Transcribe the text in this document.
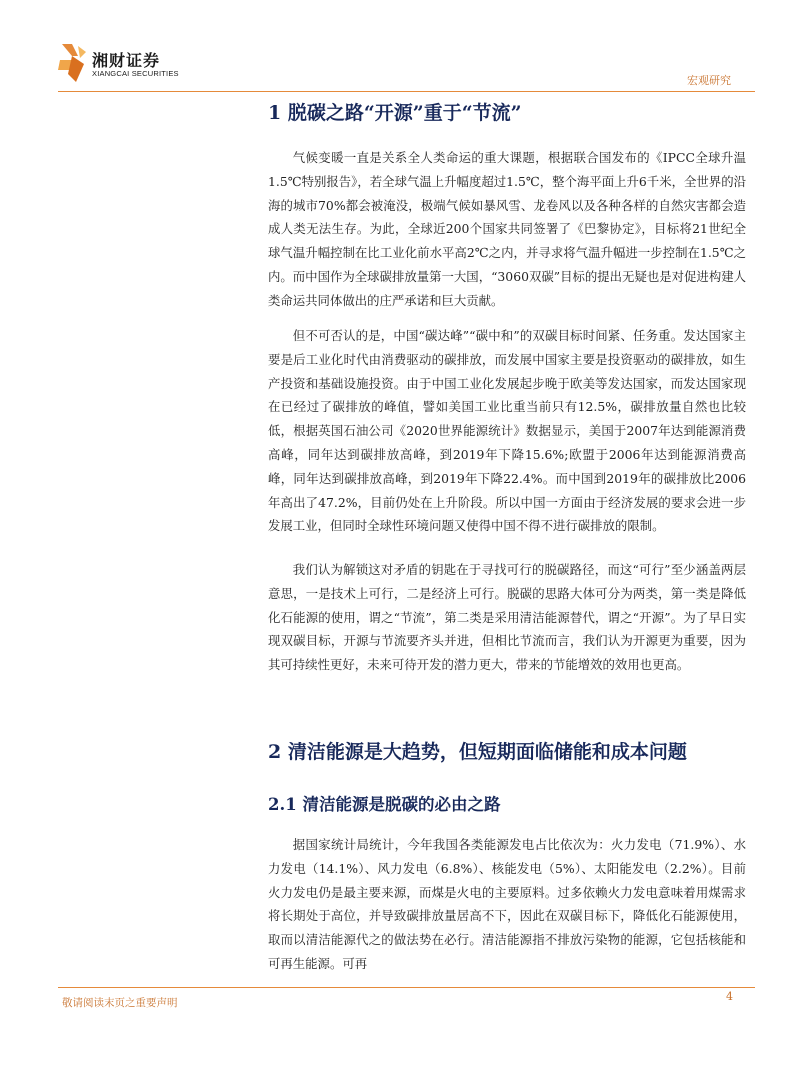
湘财证券
XIANGCAI SECURITIES
宏观研究
1 脱碳之路“开源”重于“节流”

气候变暖一直是关系全人类命运的重大课题，根据联合国发布的《IPCC全球升温1.5℃特别报告》，若全球气温上升幅度超过1.5℃，整个海平面上升6千米，全世界的沿海的城市70%都会被淹没，极端气候如暴风雪、龙卷风以及各种各样的自然灾害都会造成人类无法生存。为此，全球近200个国家共同签署了《巴黎协定》，目标将21世纪全球气温升幅控制在比工业化前水平高2℃之内，并寻求将气温升幅进一步控制在1.5℃之内。而中国作为全球碳排放量第一大国，“3060双碳”目标的提出无疑也是对促进构建人类命运共同体做出的庄严承诺和巨大贡献。

但不可否认的是，中国“碳达峰”“碳中和”的双碳目标时间紧、任务重。发达国家主要是后工业化时代由消费驱动的碳排放，而发展中国家主要是投资驱动的碳排放，如生产投资和基础设施投资。由于中国工业化发展起步晚于欧美等发达国家，而发达国家现在已经过了碳排放的峰值，譬如美国工业比重当前只有12.5%，碳排放量自然也比较低，根据英国石油公司《2020世界能源统计》数据显示，美国于2007年达到能源消费高峰，同年达到碳排放高峰，到2019年下降15.6%;欧盟于2006年达到能源消费高峰，同年达到碳排放高峰，到2019年下降22.4%。而中国到2019年的碳排放比2006年高出了47.2%，目前仍处在上升阶段。所以中国一方面由于经济发展的要求会进一步发展工业，但同时全球性环境问题又使得中国不得不进行碳排放的限制。

我们认为解锁这对矛盾的钥匙在于寻找可行的脱碳路径，而这“可行”至少涵盖两层意思，一是技术上可行，二是经济上可行。脱碳的思路大体可分为两类，第一类是降低化石能源的使用，谓之“节流”，第二类是采用清洁能源替代，谓之“开源”。为了早日实现双碳目标，开源与节流要齐头并进，但相比节流而言，我们认为开源更为重要，因为其可持续性更好，未来可待开发的潜力更大，带来的节能增效的效用也更高。

2 清洁能源是大趋势，但短期面临储能和成本问题
2.1 清洁能源是脱碳的必由之路

据国家统计局统计，今年我国各类能源发电占比依次为：火力发电（71.9%）、水力发电（14.1%）、风力发电（6.8%）、核能发电（5%）、太阳能发电（2.2%）。目前火力发电仍是最主要来源，而煤是火电的主要原料。过多依赖火力发电意味着用煤需求将长期处于高位，并导致碳排放量居高不下，因此在双碳目标下，降低化石能源使用，取而以清洁能源代之的做法势在必行。清洁能源指不排放污染物的能源，它包括核能和可再生能源。可再

敬请阅读末页之重要声明	4
